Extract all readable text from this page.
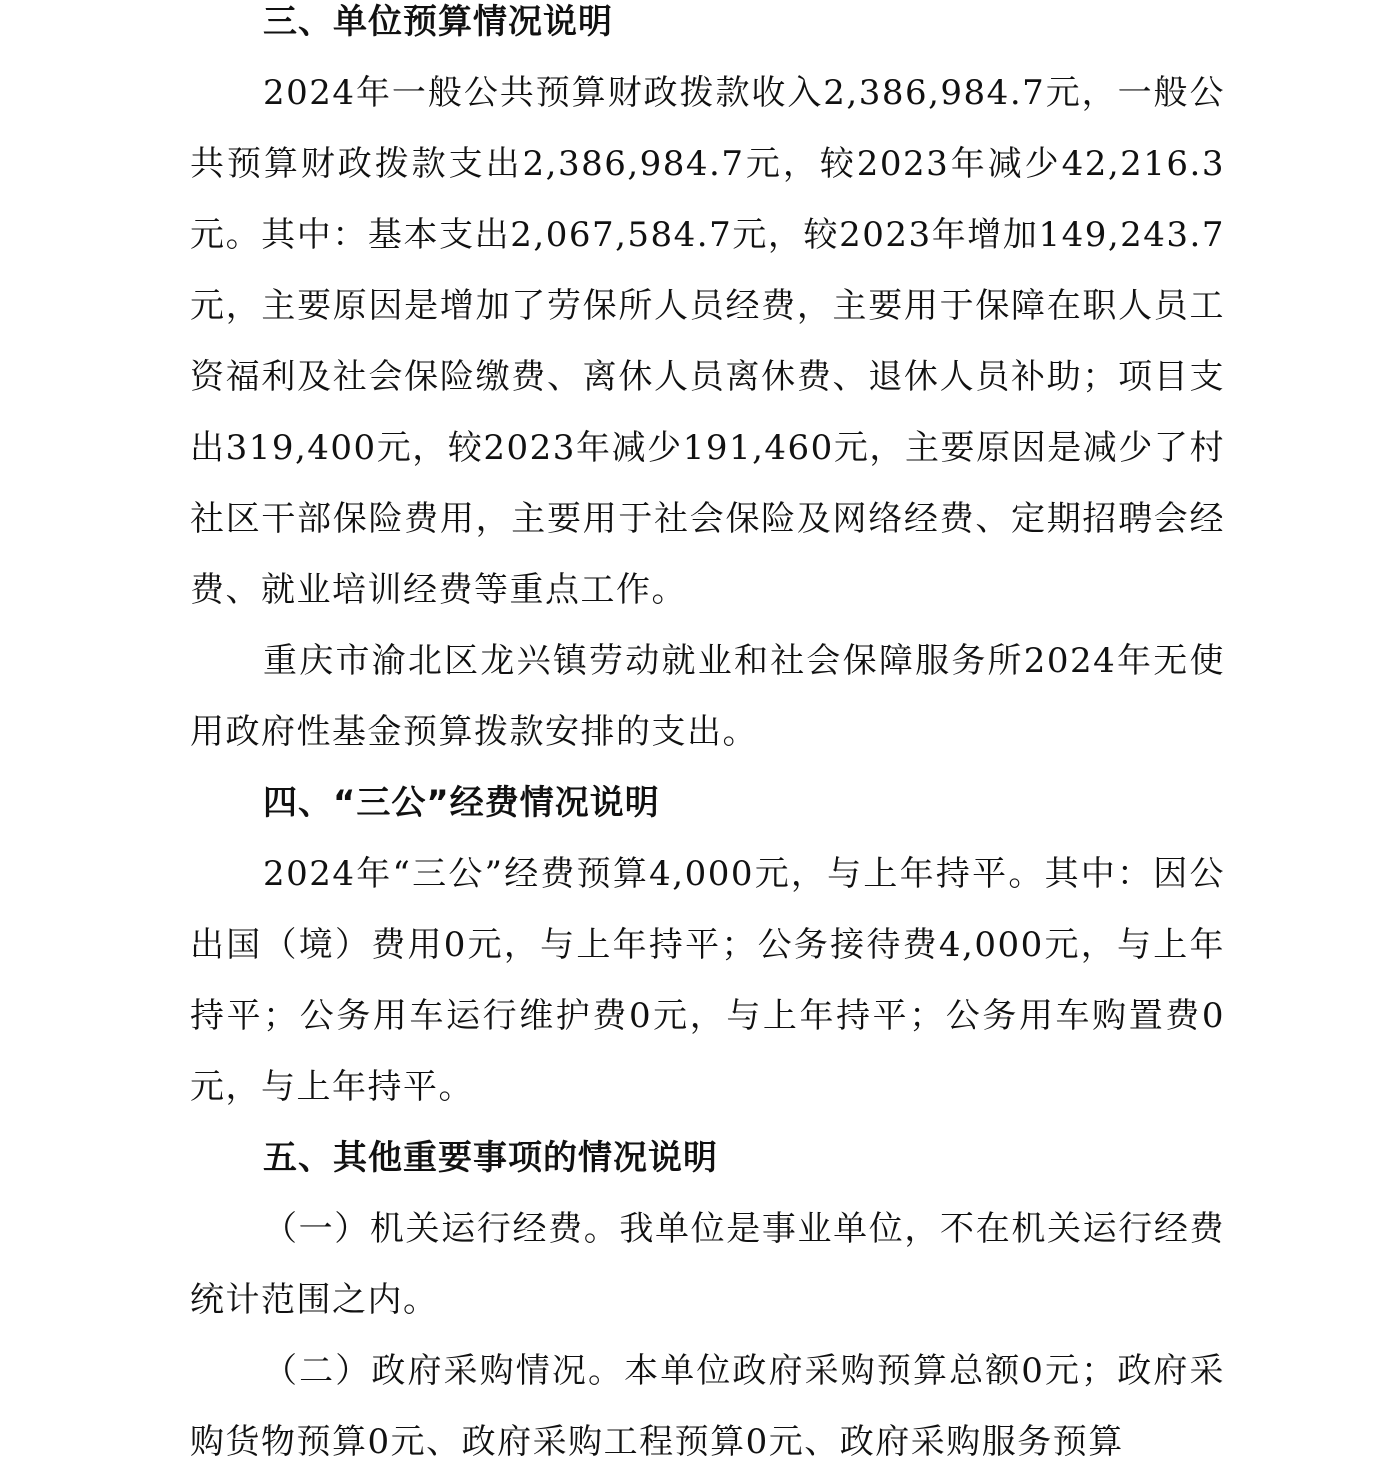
三、单位预算情况说明

2024年一般公共预算财政拨款收入2,386,984.7元，一般公共预算财政拨款支出2,386,984.7元，较2023年减少42,216.3元。其中：基本支出2,067,584.7元，较2023年增加149,243.7元，主要原因是增加了劳保所人员经费，主要用于保障在职人员工资福利及社会保险缴费、离休人员离休费、退休人员补助；项目支出319,400元，较2023年减少191,460元，主要原因是减少了村社区干部保险费用，主要用于社会保险及网络经费、定期招聘会经费、就业培训经费等重点工作。

重庆市渝北区龙兴镇劳动就业和社会保障服务所2024年无使用政府性基金预算拨款安排的支出。

四、“三公”经费情况说明

2024年“三公”经费预算4,000元，与上年持平。其中：因公出国（境）费用0元，与上年持平；公务接待费4,000元，与上年持平；公务用车运行维护费0元，与上年持平；公务用车购置费0元，与上年持平。

五、其他重要事项的情况说明

（一）机关运行经费。我单位是事业单位，不在机关运行经费统计范围之内。

（二）政府采购情况。本单位政府采购预算总额0元；政府采购货物预算0元、政府采购工程预算0元、政府采购服务预算
